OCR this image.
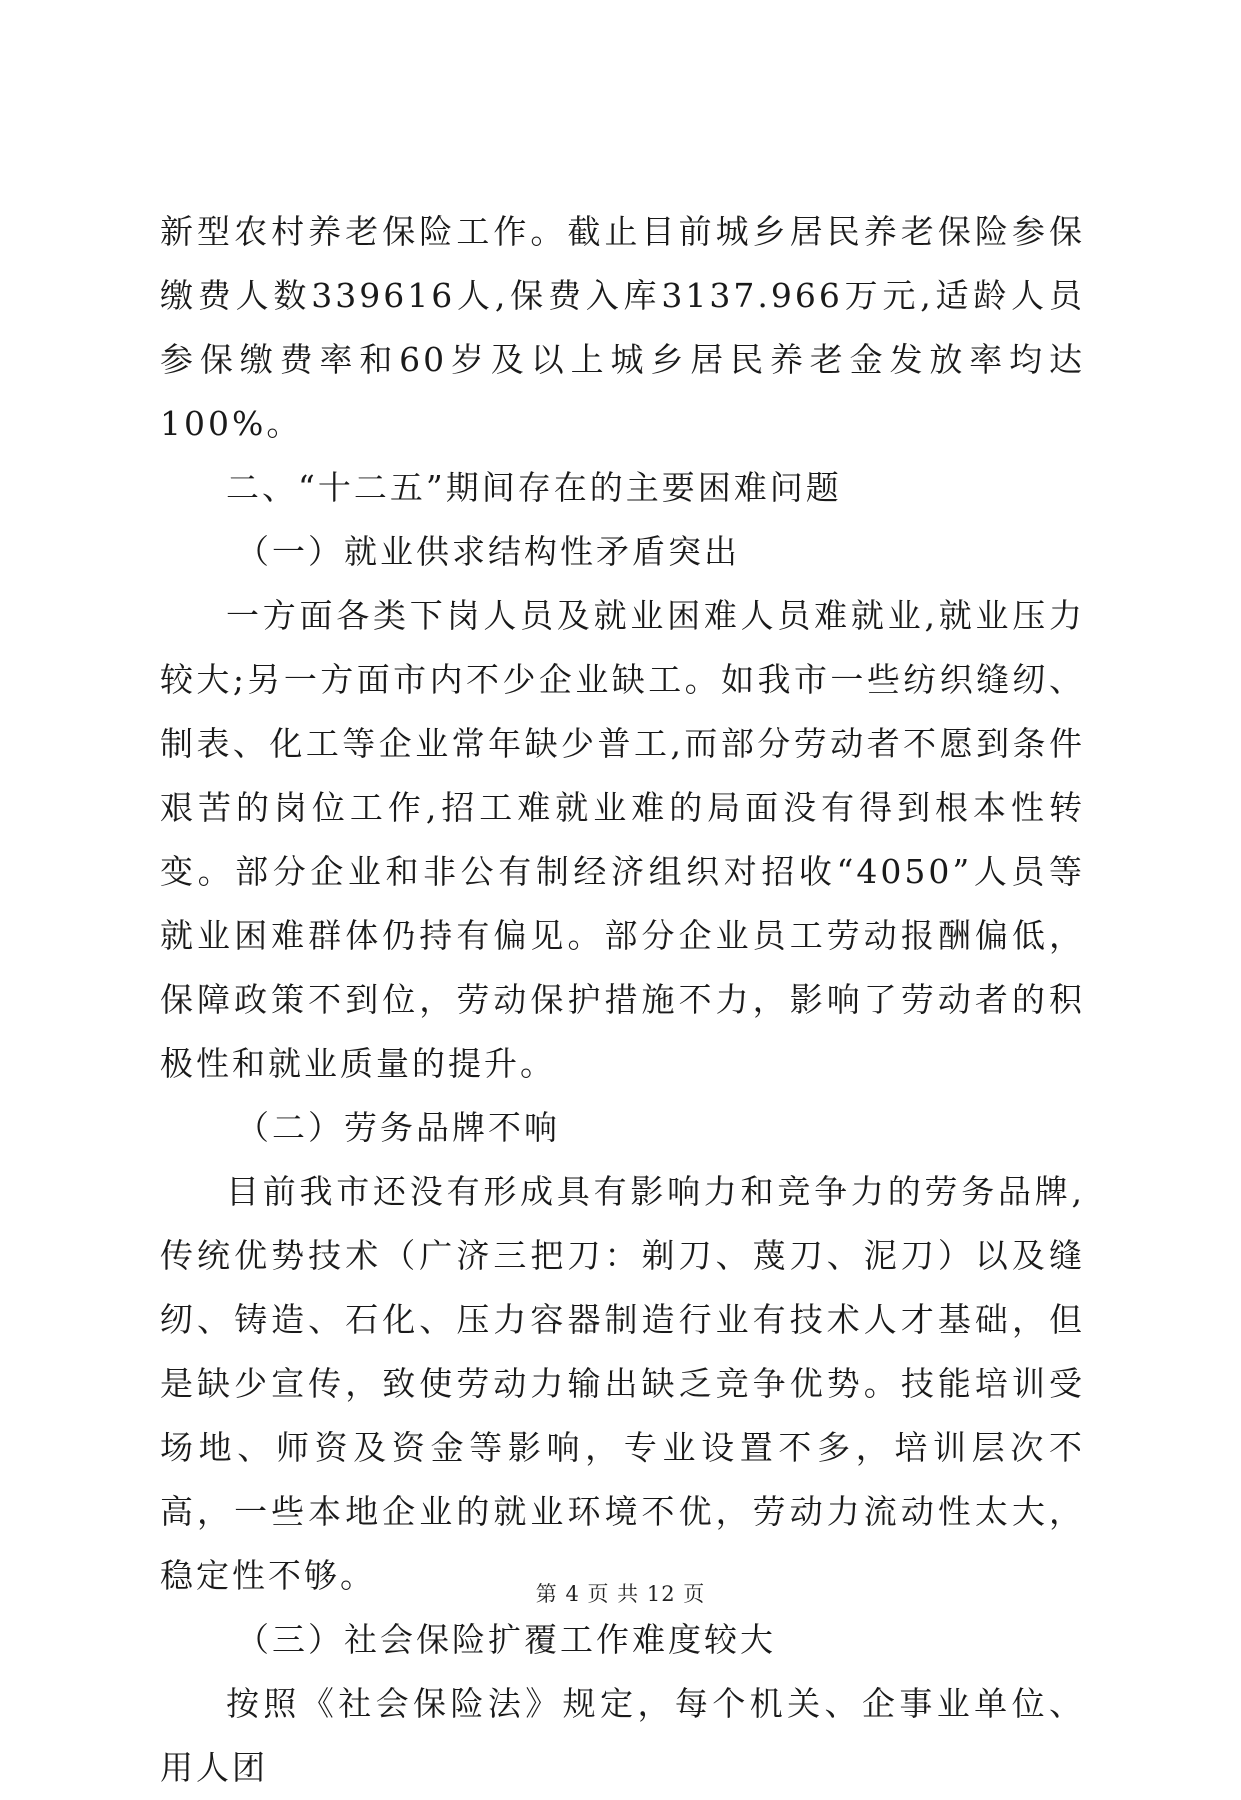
新型农村养老保险工作。截止目前城乡居民养老保险参保缴费人数339616人,保费入库3137.966万元,适龄人员参保缴费率和60岁及以上城乡居民养老金发放率均达100%。

二、“十二五”期间存在的主要困难问题

（一）就业供求结构性矛盾突出

一方面各类下岗人员及就业困难人员难就业,就业压力较大;另一方面市内不少企业缺工。如我市一些纺织缝纫、制表、化工等企业常年缺少普工,而部分劳动者不愿到条件艰苦的岗位工作,招工难就业难的局面没有得到根本性转变。部分企业和非公有制经济组织对招收“4050”人员等就业困难群体仍持有偏见。部分企业员工劳动报酬偏低，保障政策不到位，劳动保护措施不力，影响了劳动者的积极性和就业质量的提升。

（二）劳务品牌不响

目前我市还没有形成具有影响力和竞争力的劳务品牌,传统优势技术（广济三把刀：剃刀、蔑刀、泥刀）以及缝纫、铸造、石化、压力容器制造行业有技术人才基础，但是缺少宣传，致使劳动力输出缺乏竞争优势。技能培训受场地、师资及资金等影响，专业设置不多，培训层次不高，一些本地企业的就业环境不优，劳动力流动性太大，稳定性不够。

（三）社会保险扩覆工作难度较大

按照《社会保险法》规定，每个机关、企事业单位、用人团

第 4 页 共 12 页
